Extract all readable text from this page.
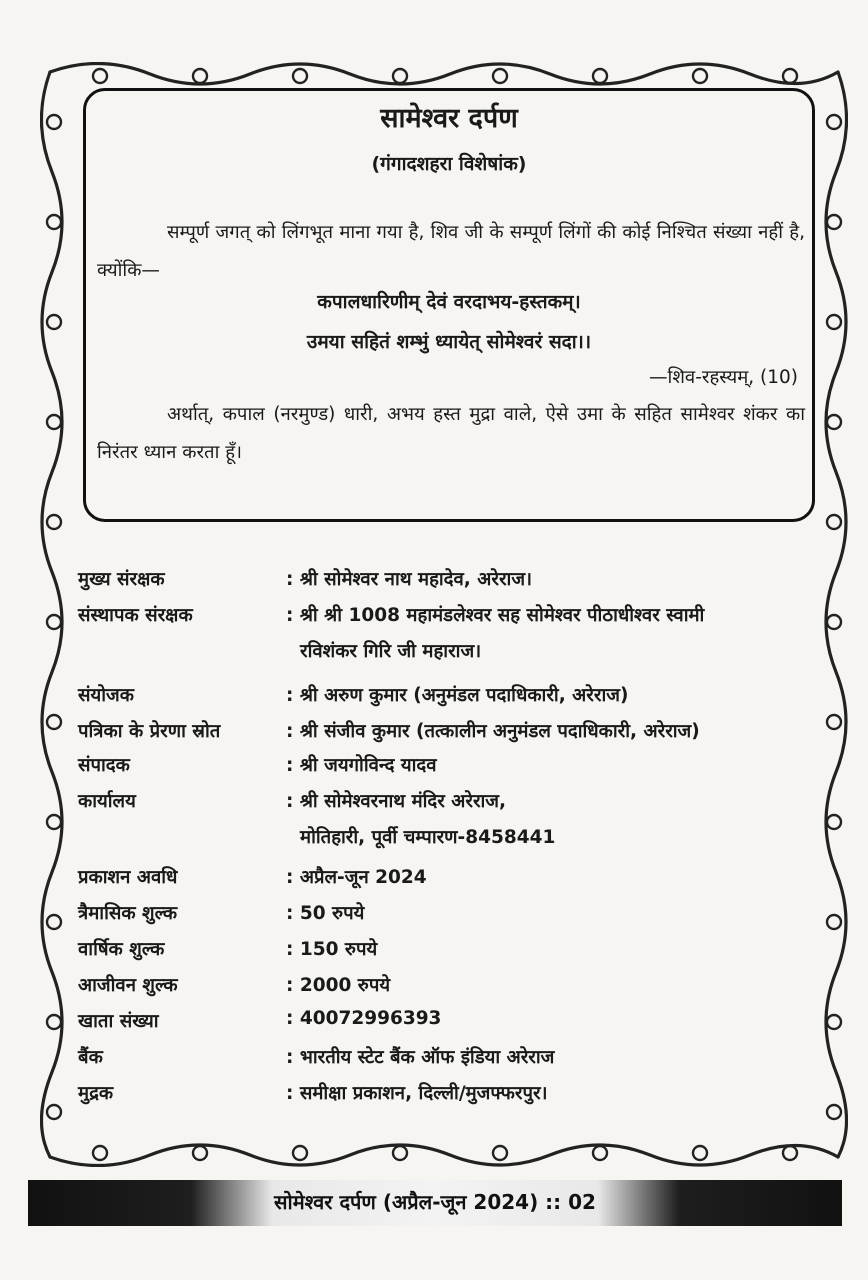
सामेश्वर दर्पण
(गंगादशहरा विशेषांक)
सम्पूर्ण जगत् को लिंगभूत माना गया है, शिव जी के सम्पूर्ण लिंगों की कोई निश्चित संख्या नहीं है, क्योंकि—
कपालधारिणीम् देवं वरदाभय-हस्तकम्।
उमया सहितं शम्भुं ध्यायेत् सोमेश्वरं सदा।।
—शिव-रहस्यम्, (10)
अर्थात्, कपाल (नरमुण्ड) धारी, अभय हस्त मुद्रा वाले, ऐसे उमा के सहित सामेश्वर शंकर का निरंतर ध्यान करता हूँ।
मुख्य संरक्षक	: श्री सोमेश्वर नाथ महादेव, अरेराज।
संस्थापक संरक्षक	: श्री श्री 1008 महामंडलेश्वर सह सोमेश्वर पीठाधीश्वर स्वामी
रविशंकर गिरि जी महाराज।
संयोजक	: श्री अरुण कुमार (अनुमंडल पदाधिकारी, अरेराज)
पत्रिका के प्रेरणा स्रोत	: श्री संजीव कुमार (तत्कालीन अनुमंडल पदाधिकारी, अरेराज)
संपादक	: श्री जयगोविन्द यादव
कार्यालय	: श्री सोमेश्वरनाथ मंदिर अरेराज,
मोतिहारी, पूर्वी चम्पारण-8458441
प्रकाशन अवधि	: अप्रैल-जून 2024
त्रैमासिक शुल्क	: 50 रुपये
वार्षिक शुल्क	: 150 रुपये
आजीवन शुल्क	: 2000 रुपये
खाता संख्या	: 40072996393
बैंक	: भारतीय स्टेट बैंक ऑफ इंडिया अरेराज
मुद्रक	: समीक्षा प्रकाशन, दिल्ली/मुजफ्फरपुर।
सोमेश्वर दर्पण (अप्रैल-जून 2024) :: 02
